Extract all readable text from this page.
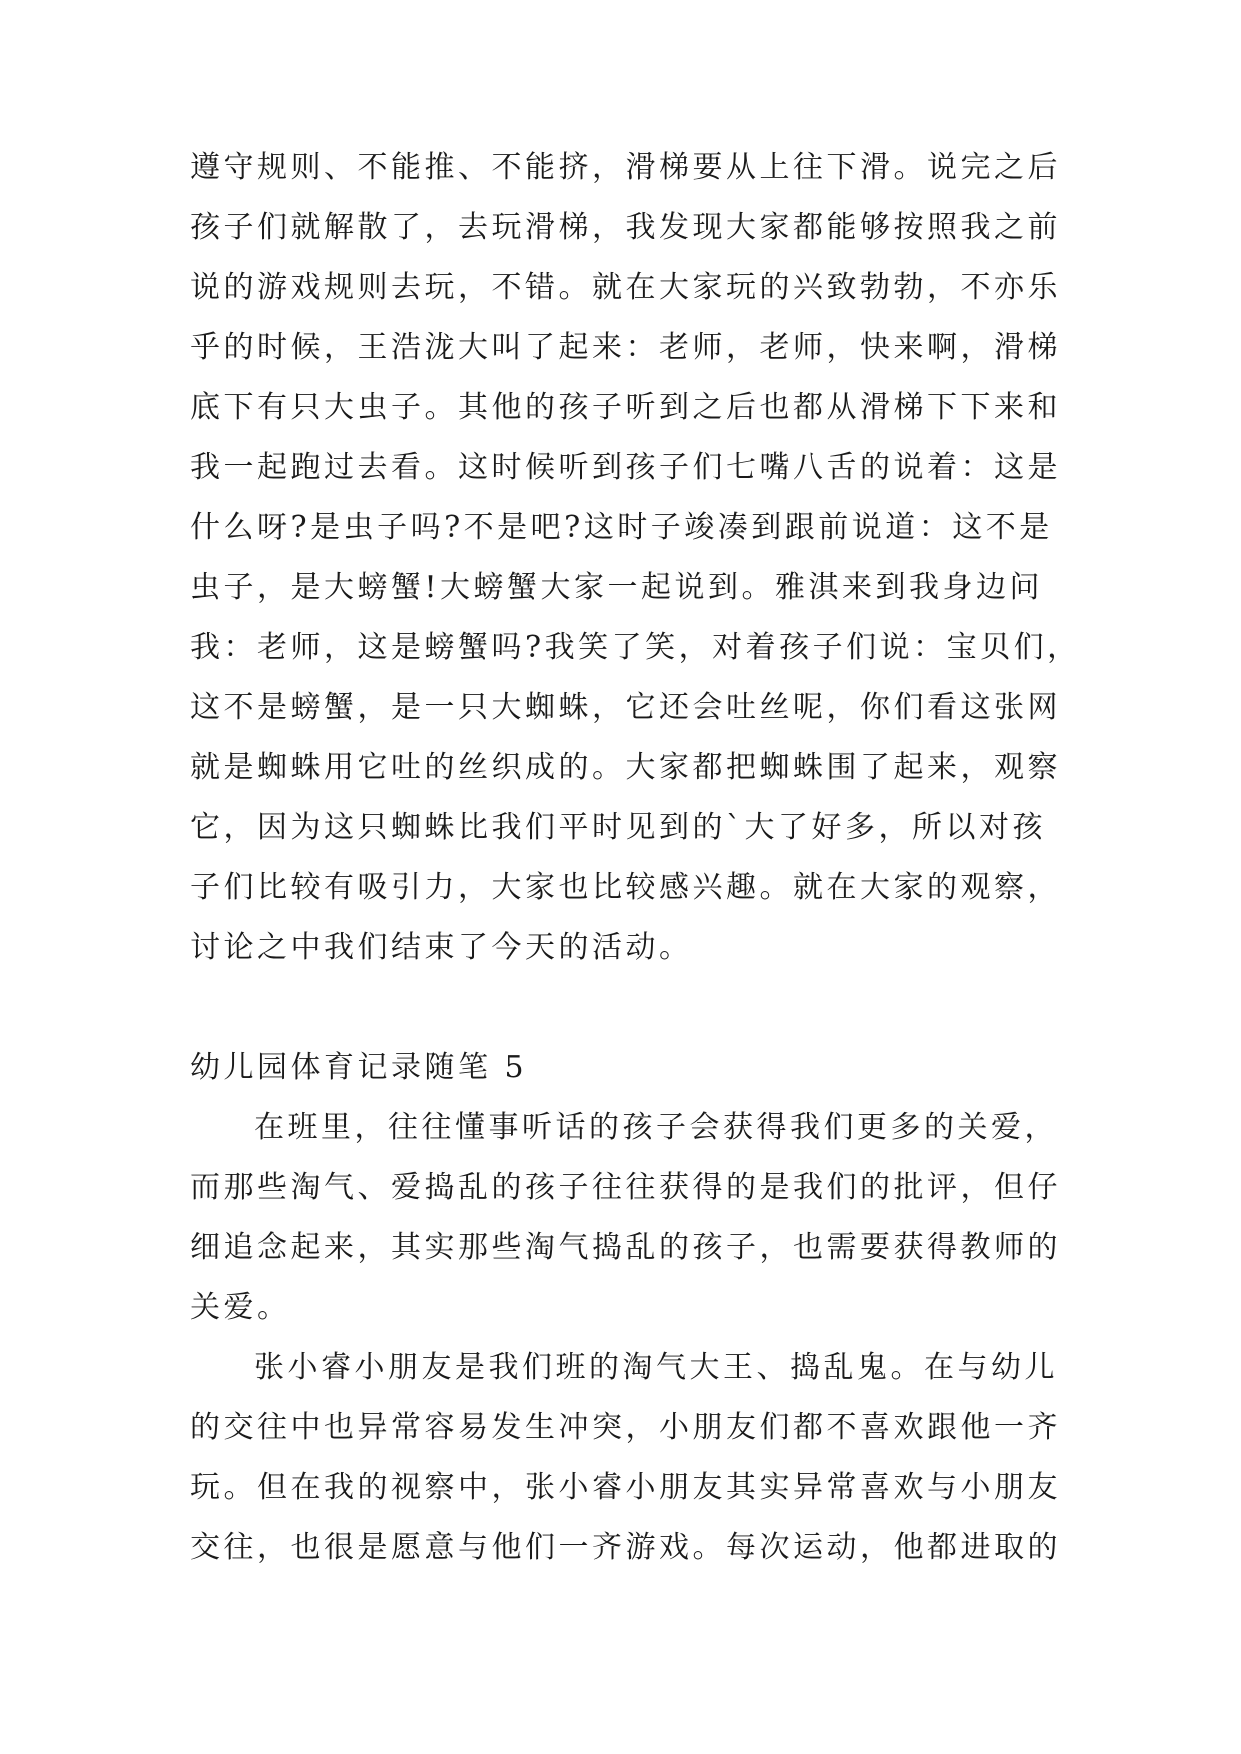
遵守规则、不能推、不能挤，滑梯要从上往下滑。说完之后
孩子们就解散了，去玩滑梯，我发现大家都能够按照我之前
说的游戏规则去玩，不错。就在大家玩的兴致勃勃，不亦乐
乎的时候，王浩泷大叫了起来：老师，老师，快来啊，滑梯
底下有只大虫子。其他的孩子听到之后也都从滑梯下下来和
我一起跑过去看。这时候听到孩子们七嘴八舌的说着：这是
什么呀?是虫子吗?不是吧?这时子竣凑到跟前说道：这不是
虫子，是大螃蟹!大螃蟹大家一起说到。雅淇来到我身边问
我：老师，这是螃蟹吗?我笑了笑，对着孩子们说：宝贝们，
这不是螃蟹，是一只大蜘蛛，它还会吐丝呢，你们看这张网
就是蜘蛛用它吐的丝织成的。大家都把蜘蛛围了起来，观察
它，因为这只蜘蛛比我们平时见到的`大了好多，所以对孩
子们比较有吸引力，大家也比较感兴趣。就在大家的观察，
讨论之中我们结束了今天的活动。
幼儿园体育记录随笔 5
在班里，往往懂事听话的孩子会获得我们更多的关爱，
而那些淘气、爱捣乱的孩子往往获得的是我们的批评，但仔
细追念起来，其实那些淘气捣乱的孩子，也需要获得教师的
关爱。
张小睿小朋友是我们班的淘气大王、捣乱鬼。在与幼儿
的交往中也异常容易发生冲突，小朋友们都不喜欢跟他一齐
玩。但在我的视察中，张小睿小朋友其实异常喜欢与小朋友
交往，也很是愿意与他们一齐游戏。每次运动，他都进取的
